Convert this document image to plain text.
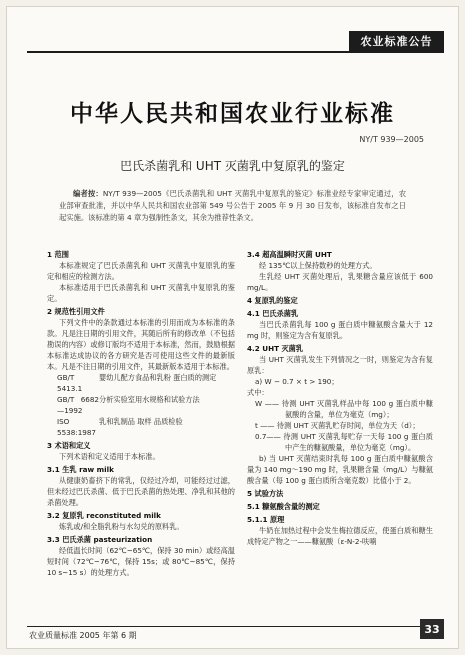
农业标准公告
中华人民共和国农业行业标准
NY/T 939—2005
巴氏杀菌乳和 UHT 灭菌乳中复原乳的鉴定
编者按：NY/T 939—2005《巴氏杀菌乳和 UHT 灭菌乳中复原乳的鉴定》标准业经专家审定通过，农业部审查批准，并以中华人民共和国农业部第 549 号公告于 2005 年 9 月 30 日发布，该标准自发布之日起实施。该标准的第 4 章为强制性条文，其余为推荐性条文。

1 范围

本标准规定了巴氏杀菌乳和 UHT 灭菌乳中复原乳的鉴定和相应的检测方法。

本标准适用于巴氏杀菌乳和 UHT 灭菌乳中复原乳的鉴定。

2 规范性引用文件

下列文件中的条款通过本标准的引用而成为本标准的条款。凡是注日期的引用文件，其随后所有的修改单（不包括勘误的内容）或修订版均不适用于本标准，然而，鼓励根据本标准达成协议的各方研究是否可使用这些文件的最新版本。凡是不注日期的引用文件，其最新版本适用于本标准。

GB/T 5413.1
婴幼儿配方食品和乳粉 蛋白质的测定

GB/T 6682—1992
分析实验室用水规格和试验方法

ISO 5538:1987
乳和乳制品 取样 品质检验

3 术语和定义

下列术语和定义适用于本标准。

3.1 生乳 raw milk

从健康奶畜挤下的常乳，仅经过冷却，可能经过过滤，但未经过巴氏杀菌、低于巴氏杀菌的热处理、净乳和其他的杀菌处理。

3.2 复原乳 reconstituted milk

炼乳或/和全脂乳粉与水勾兑的原料乳。

3.3 巴氏杀菌 pasteurization

经低温长时间（62℃~65℃，保持 30 min）或经高温短时间（72℃~76℃，保持 15s；或 80℃~85℃，保持 10 s~15 s）的处理方式。

3.4 超高温瞬时灭菌 UHT

经 135℃以上保持数秒的处理方式。

生乳经 UHT 灭菌处理后，乳果糖含量应该低于 600 mg/L。

4 复原乳的鉴定

4.1 巴氏杀菌乳

当巴氏杀菌乳每 100 g 蛋白质中糠氨酸含量大于 12 mg 时，则鉴定为含有复原乳。

4.2 UHT 灭菌乳

当 UHT 灭菌乳发生下列情况之一时，则鉴定为含有复原乳：

a) W − 0.7 × t > 190；

式中：

W —— 待测 UHT 灭菌乳样品中每 100 g 蛋白质中糠氨酸的含量，单位为毫克（mg）；

t —— 待测 UHT 灭菌乳贮存时间，单位为天（d）；

0.7—— 待测 UHT 灭菌乳每贮存一天每 100 g 蛋白质中产生的糠氨酸量，单位为毫克（mg）。

b) 当 UHT 灭菌结束时乳每 100 g 蛋白质中糠氨酸含量为 140 mg～190 mg 时，乳果糖含量（mg/L）与糠氨酸含量（每 100 g 蛋白质所含毫克数）比值小于 2。

5 试验方法

5.1 糠氨酸含量的测定

5.1.1 原理

牛奶在加热过程中会发生梅拉德反应，使蛋白质和糖生成特定产物之一——糠氨酸（ε-N-2-呋喃

农业质量标准 2005 年第 6 期	33
